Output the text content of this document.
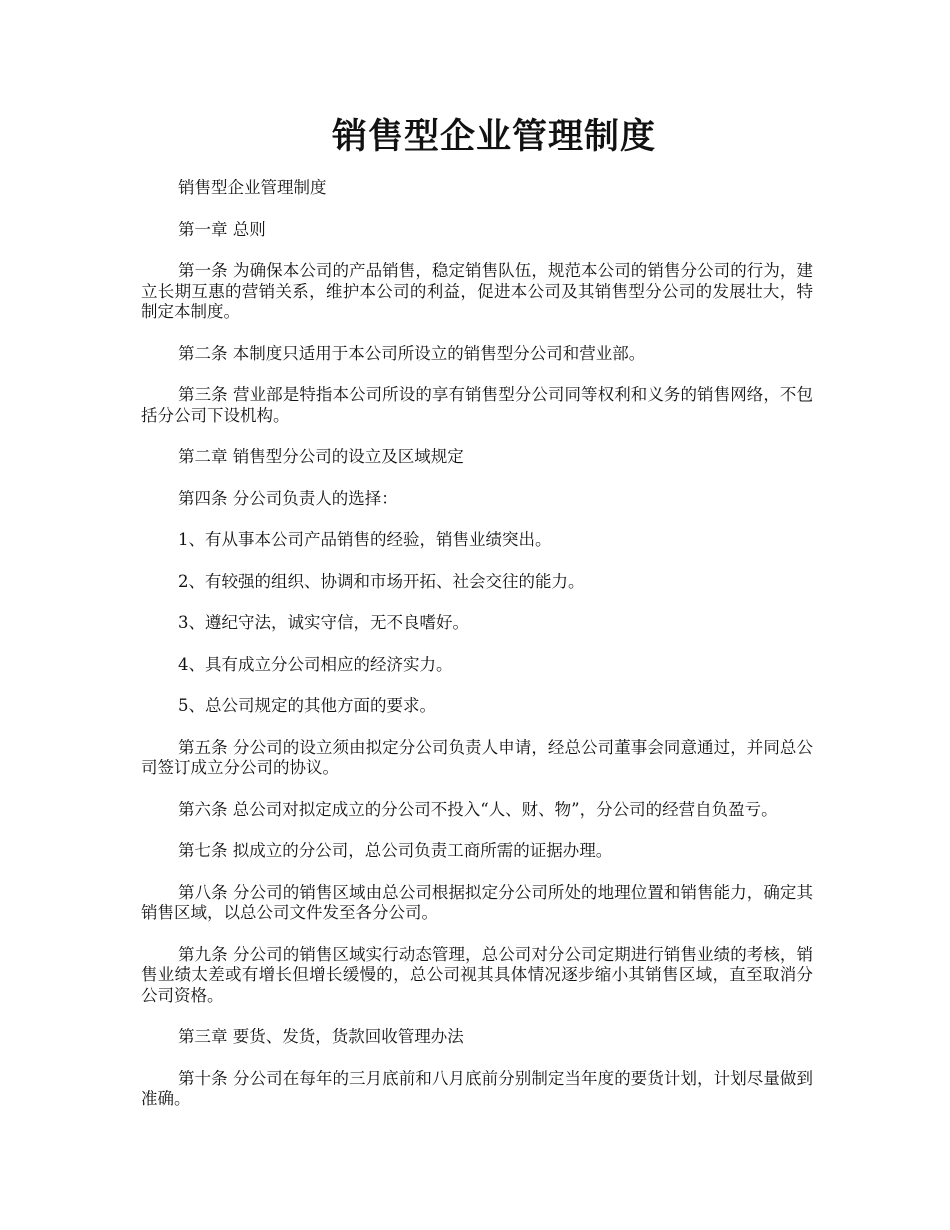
销售型企业管理制度

销售型企业管理制度

第一章 总则

第一条 为确保本公司的产品销售，稳定销售队伍，规范本公司的销售分公司的行为，建立长期互惠的营销关系，维护本公司的利益，促进本公司及其销售型分公司的发展壮大，特制定本制度。

第二条 本制度只适用于本公司所设立的销售型分公司和营业部。

第三条 营业部是特指本公司所设的享有销售型分公司同等权利和义务的销售网络，不包括分公司下设机构。

第二章 销售型分公司的设立及区域规定

第四条 分公司负责人的选择：

1、有从事本公司产品销售的经验，销售业绩突出。

2、有较强的组织、协调和市场开拓、社会交往的能力。

3、遵纪守法，诚实守信，无不良嗜好。

4、具有成立分公司相应的经济实力。

5、总公司规定的其他方面的要求。

第五条 分公司的设立须由拟定分公司负责人申请，经总公司董事会同意通过，并同总公司签订成立分公司的协议。

第六条 总公司对拟定成立的分公司不投入“人、财、物”，分公司的经营自负盈亏。

第七条 拟成立的分公司，总公司负责工商所需的证据办理。

第八条 分公司的销售区域由总公司根据拟定分公司所处的地理位置和销售能力，确定其销售区域，以总公司文件发至各分公司。

第九条 分公司的销售区域实行动态管理，总公司对分公司定期进行销售业绩的考核，销售业绩太差或有增长但增长缓慢的，总公司视其具体情况逐步缩小其销售区域，直至取消分公司资格。

第三章 要货、发货，货款回收管理办法

第十条 分公司在每年的三月底前和八月底前分别制定当年度的要货计划，计划尽量做到准确。
